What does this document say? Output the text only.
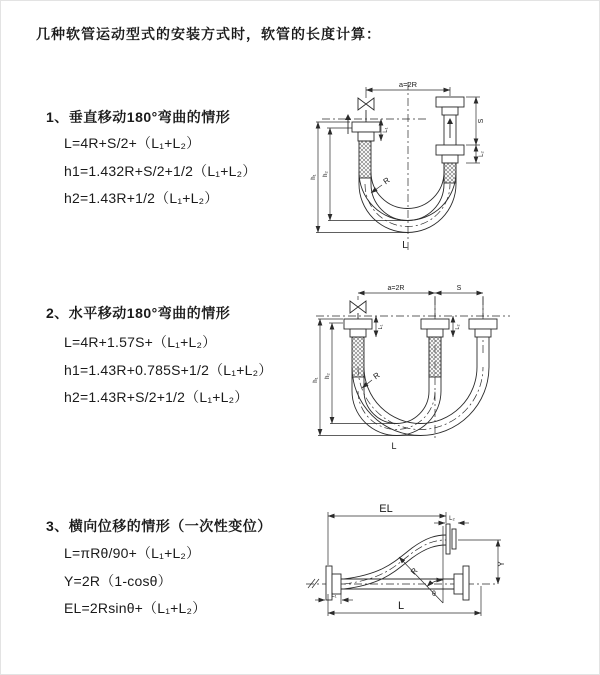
几种软管运动型式的安装方式时，软管的长度计算：
1、垂直移动180°弯曲的情形
L=4R+S/2+（L₁+L₂）
h1=1.432R+S/2+1/2（L₁+L₂）
h2=1.43R+1/2（L₁+L₂）
2、水平移动180°弯曲的情形
L=4R+1.57S+（L₁+L₂）
h1=1.43R+0.785S+1/2（L₁+L₂）
h2=1.43R+S/2+1/2（L₁+L₂）
3、横向位移的情形（一次性变位）
L=πRθ/90+（L₁+L₂）
Y=2R（1-cosθ）
EL=2Rsinθ+（L₁+L₂）
a=2R
L₁
S
L₂
h₁
h₂
R
L
a=2R	S
L₁	L₂
h₁
h₂	R
L
θ
R
EL
L₂
Y
L
L₁
